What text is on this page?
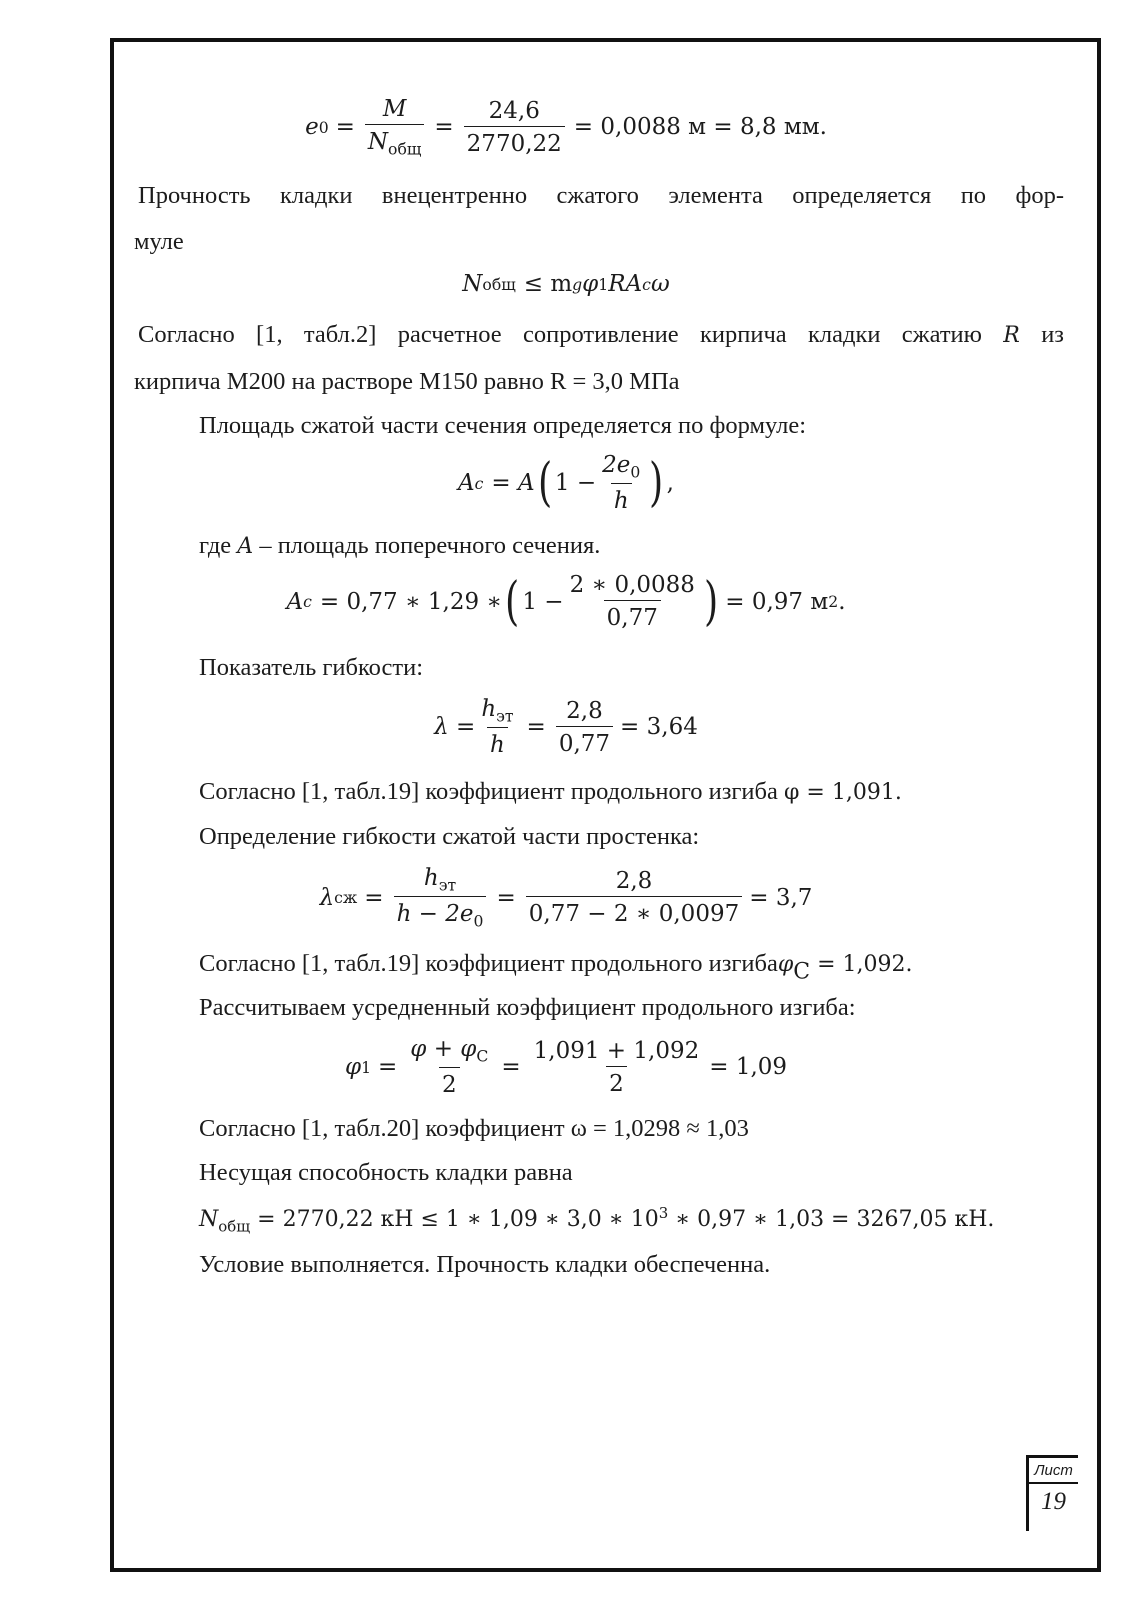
e $0 = \frac{M}{N_{общ}} = \frac{24,6}{2770,22} = 0,0088$ м = 8,8 мм.
Прочность кладки внецентренно сжатого элемента определяется по фор-
муле
N общ ≤ m g φ 1 RA c ω
Согласно [1, табл.2] расчетное сопротивление кирпича кладки сжатию R из
кирпича М200 на растворе М150 равно R = 3,0 МПа
Площадь сжатой части сечения определяется по формуле:
A c = A ( $1 - \frac{2e_0}{h}$ ) ,
где A – площадь поперечного сечения.
A c = 0,77 ∗ 1,29 ∗ ( $1 - \frac{2 ∗ 0,0088}{0,77}$ ) = 0,97 м 2 .
Показатель гибкости:
$\lambda = \frac{h_{эт}}{h} = \frac{2,8}{0,77} = 3,64$
Согласно [1, табл.19] коэффициент продольного изгиба φ = 1,091.
Определение гибкости сжатой части простенка:
λ сж = $\frac{h_{эт}}{h - 2e_0} = \frac{2,8}{0,77 - 2 ∗ 0,0097} = 3,7$
Согласно [1, табл.19] коэффициент продольного изгибаφ$_С$ = 1,092.
Рассчитываем усредненный коэффициент продольного изгиба:
φ $1 = \frac{\varphi + \varphi_С}{2} = \frac{1,091 + 1,092}{2} = 1,09$
Согласно [1, табл.20] коэффициент ω = 1,0298 ≈ 1,03
Несущая способность кладки равна
$N_{общ} = 2770,22$ кН ≤ 1 ∗ 1,09 ∗ 3,0 ∗ $10^3$ ∗ 0,97 ∗ 1,03 = 3267,05 кН.
Условие выполняется. Прочность кладки обеспеченна.
Лист
19
